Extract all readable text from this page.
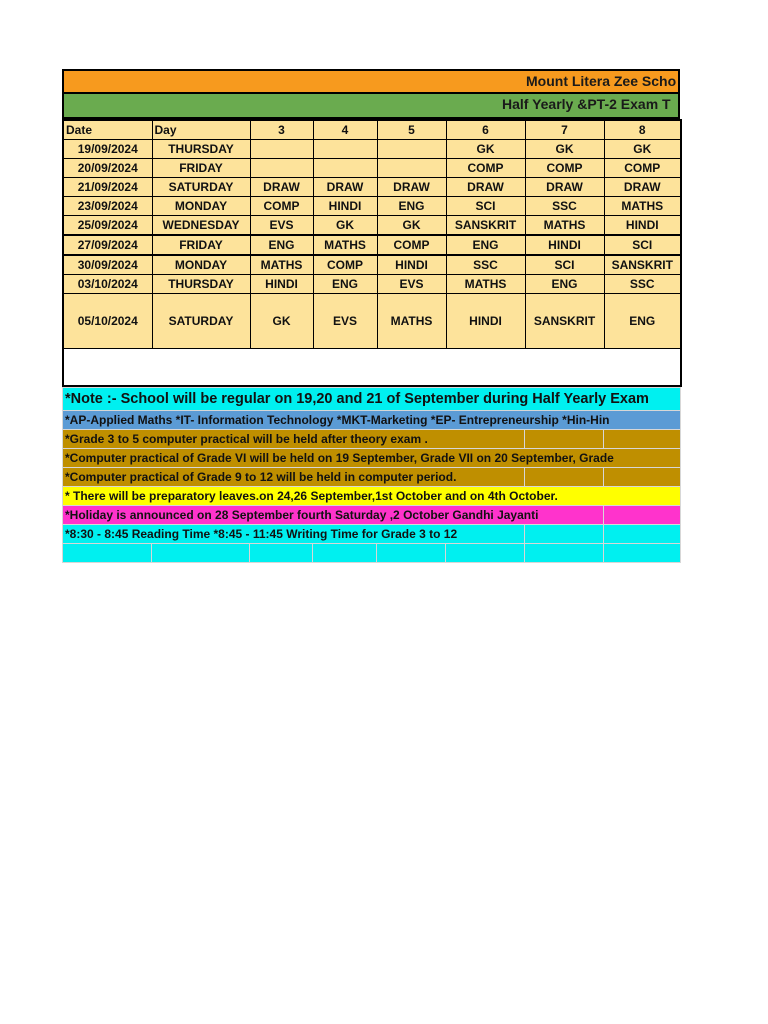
Mount Litera Zee Scho
Half Yearly &PT-2 Exam T
Date	Day	3	4	5	6	7	8
19/09/2024	THURSDAY				GK	GK	GK
20/09/2024	FRIDAY				COMP	COMP	COMP
21/09/2024	SATURDAY	DRAW	DRAW	DRAW	DRAW	DRAW	DRAW
23/09/2024	MONDAY	COMP	HINDI	ENG	SCI	SSC	MATHS
25/09/2024	WEDNESDAY	EVS	GK	GK	SANSKRIT	MATHS	HINDI
27/09/2024	FRIDAY	ENG	MATHS	COMP	ENG	HINDI	SCI
30/09/2024	MONDAY	MATHS	COMP	HINDI	SSC	SCI	SANSKRIT
03/10/2024	THURSDAY	HINDI	ENG	EVS	MATHS	ENG	SSC
05/10/2024	SATURDAY	GK	EVS	MATHS	HINDI	SANSKRIT	ENG

*Note :- School will be regular on 19,20 and 21 of September during Half Yearly Exam							
*AP-Applied Maths *IT- Information Technology *MKT-Marketing *EP- Entrepreneurship *Hin-Hin							
*Grade 3 to 5 computer practical will be held after theory exam .							
*Computer practical of Grade VI will be held on 19 September, Grade VII on 20 September, Grade							
*Computer practical of Grade 9 to 12 will be held in computer period.							
* There will be preparatory leaves.on 24,26 September,1st October and on 4th October.							
*Holiday is announced on 28 September fourth Saturday ,2 October Gandhi Jayanti							
*8:30 - 8:45 Reading Time *8:45 - 11:45 Writing Time for Grade 3 to 12							
